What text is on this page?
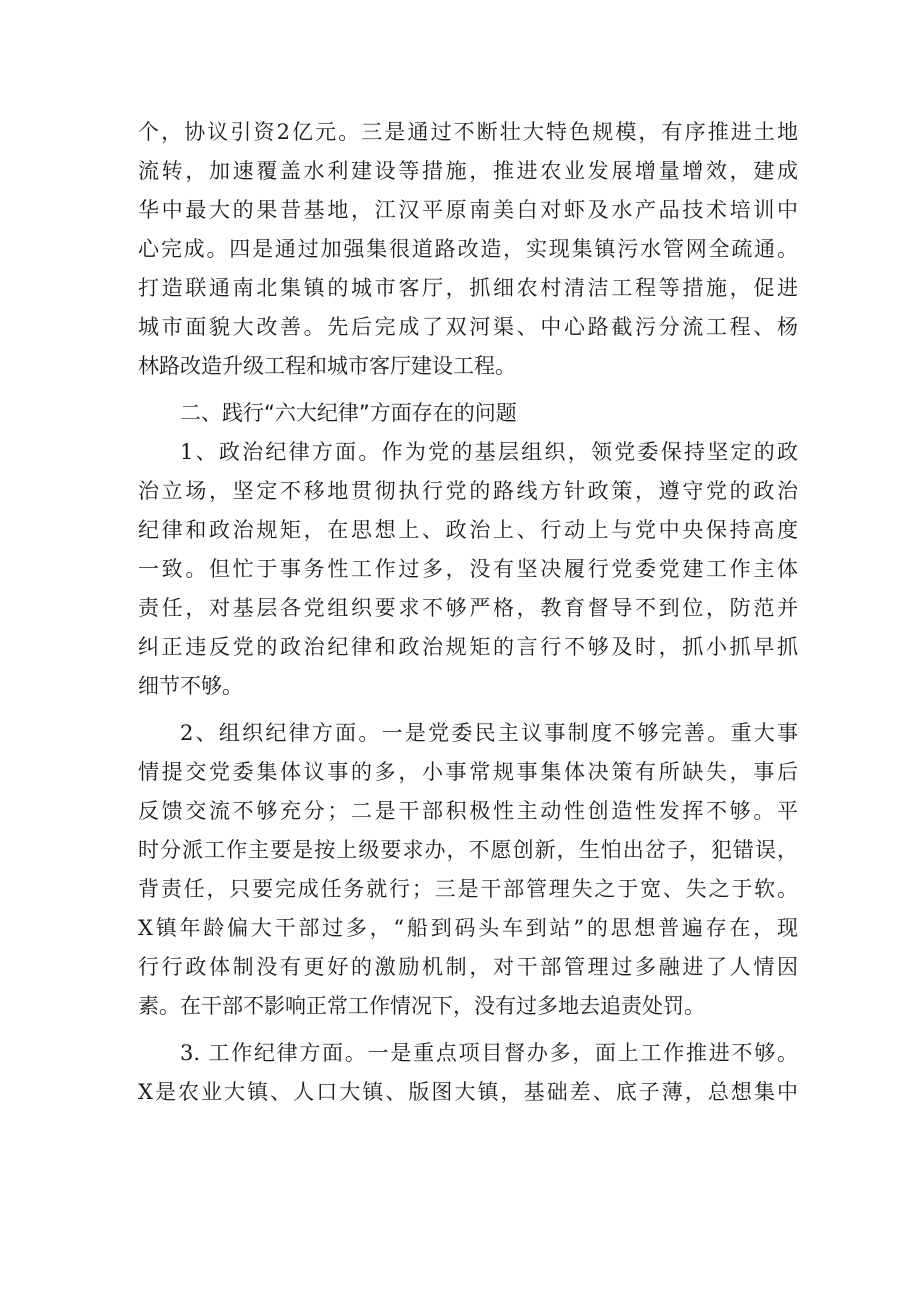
个，协议引资2亿元。三是通过不断壮大特色规模，有序推进土地
流转，加速覆盖水利建设等措施，推进农业发展增量增效，建成
华中最大的果昔基地，江汉平原南美白对虾及水产品技术培训中
心完成。四是通过加强集很道路改造，实现集镇污水管网全疏通。
打造联通南北集镇的城市客厅，抓细农村清洁工程等措施，促进
城市面貌大改善。先后完成了双河渠、中心路截污分流工程、杨
林路改造升级工程和城市客厅建设工程。
二、践行“六大纪律”方面存在的问题
1、政治纪律方面。作为党的基层组织，领党委保持坚定的政
治立场，坚定不移地贯彻执行党的路线方针政策，遵守党的政治
纪律和政治规矩，在思想上、政治上、行动上与党中央保持高度
一致。但忙于事务性工作过多，没有坚决履行党委党建工作主体
责任，对基层各党组织要求不够严格，教育督导不到位，防范并
纠正违反党的政治纪律和政治规矩的言行不够及时，抓小抓早抓
细节不够。
2、组织纪律方面。一是党委民主议事制度不够完善。重大事
情提交党委集体议事的多，小事常规事集体决策有所缺失，事后
反馈交流不够充分；二是干部积极性主动性创造性发挥不够。平
时分派工作主要是按上级要求办，不愿创新，生怕出岔子，犯错误，
背责任，只要完成任务就行；三是干部管理失之于宽、失之于软。
X镇年龄偏大干部过多，“船到码头车到站”的思想普遍存在，现
行行政体制没有更好的激励机制，对干部管理过多融进了人情因
素。在干部不影响正常工作情况下，没有过多地去追责处罚。
3. 工作纪律方面。一是重点项目督办多，面上工作推进不够。
X是农业大镇、人口大镇、版图大镇，基础差、底子薄，总想集中
